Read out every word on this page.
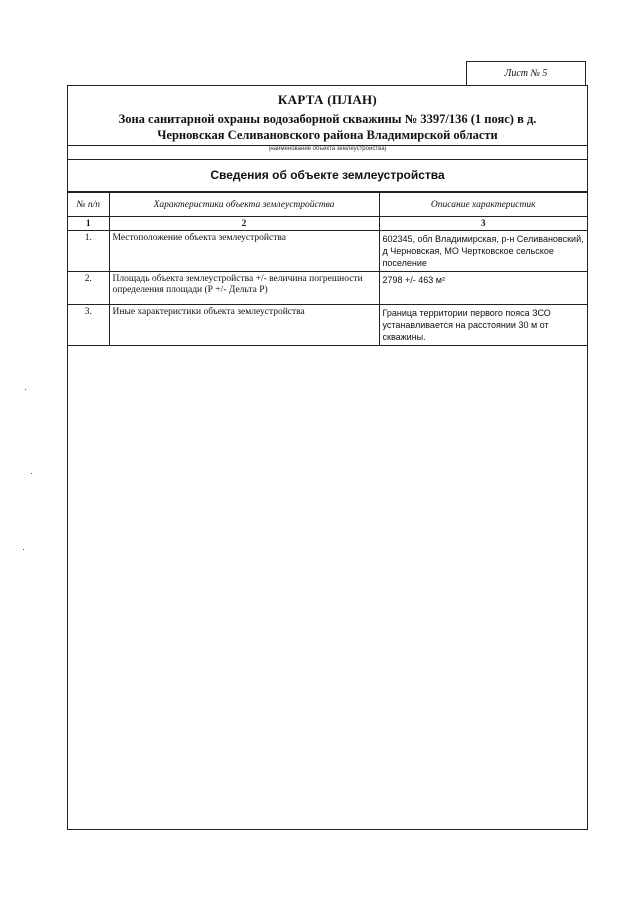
Лист № 5
КАРТА (ПЛАН)
Зона санитарной охраны водозаборной скважины № 3397/136 (1 пояс) в д.
Черновская Селивановского района Владимирской области
(наименование объекта землеустройства)
Сведения об объекте землеустройства
№ п/п	Характеристики объекта землеустройства	Описание характеристик
1	2	3
1.	Местоположение объекта землеустройства	602345, обл Владимирская, р-н Селивановский, д Черновская, МО Чертковское сельское поселение
2.	Площадь объекта землеустройства +/- величина погрешности определения площади (Р +/- Дельта Р)	2798 +/- 463 м²
3.	Иные характеристики объекта землеустройства	Граница территории первого пояса ЗСО устанавливается на расстоянии 30 м от скважины.
·
·
·
